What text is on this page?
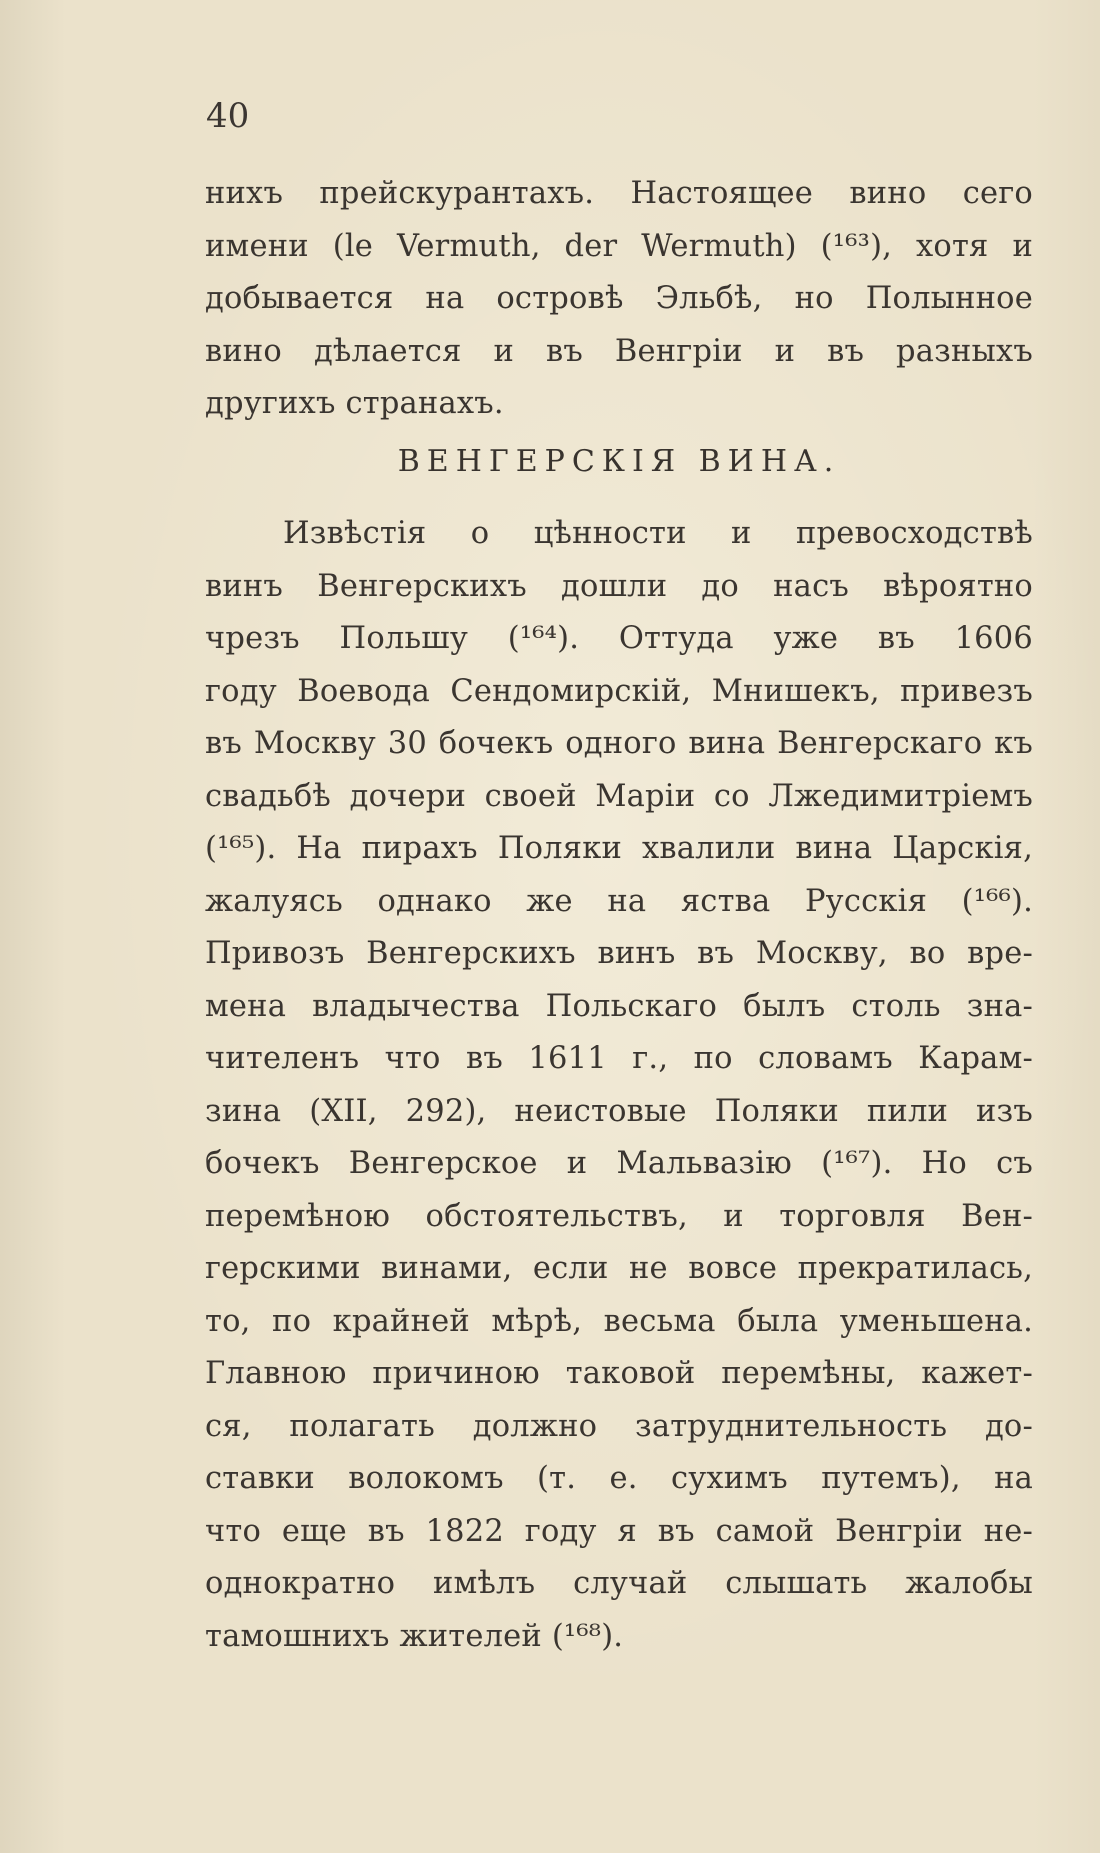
40
нихъ прейскурантахъ. Настоящее вино сего
имени (le Vermuth, der Wermuth) (¹⁶³), хотя и
добывается на островѣ Эльбѣ, но Полынное
вино дѣлается и въ Венгріи и въ разныхъ
другихъ странахъ.
ВЕНГЕРСКІЯ ВИНА.
Извѣстія о цѣнности и превосходствѣ
винъ Венгерскихъ дошли до насъ вѣроятно
чрезъ Польшу (¹⁶⁴). Оттуда уже въ 1606
году Воевода Сендомирскій, Мнишекъ, привезъ
въ Москву 30 бочекъ одного вина Венгерскаго къ
свадьбѣ дочери своей Маріи со Лжедимитріемъ
(¹⁶⁵). На пирахъ Поляки хвалили вина Царскія,
жалуясь однако же на яства Русскія (¹⁶⁶).
Привозъ Венгерскихъ винъ въ Москву, во вре-
мена владычества Польскаго былъ столь зна-
чителенъ что въ 1611 г., по словамъ Карам-
зина (XII, 292), неистовые Поляки пили изъ
бочекъ Венгерское и Мальвазію (¹⁶⁷). Но съ
перемѣною обстоятельствъ, и торговля Вен-
герскими винами, если не вовсе прекратилась,
то, по крайней мѣрѣ, весьма была уменьшена.
Главною причиною таковой перемѣны, кажет-
ся, полагать должно затруднительность до-
ставки волокомъ (т. е. сухимъ путемъ), на
что еще въ 1822 году я въ самой Венгріи не-
однократно имѣлъ случай слышать жалобы
тамошнихъ жителей (¹⁶⁸).
